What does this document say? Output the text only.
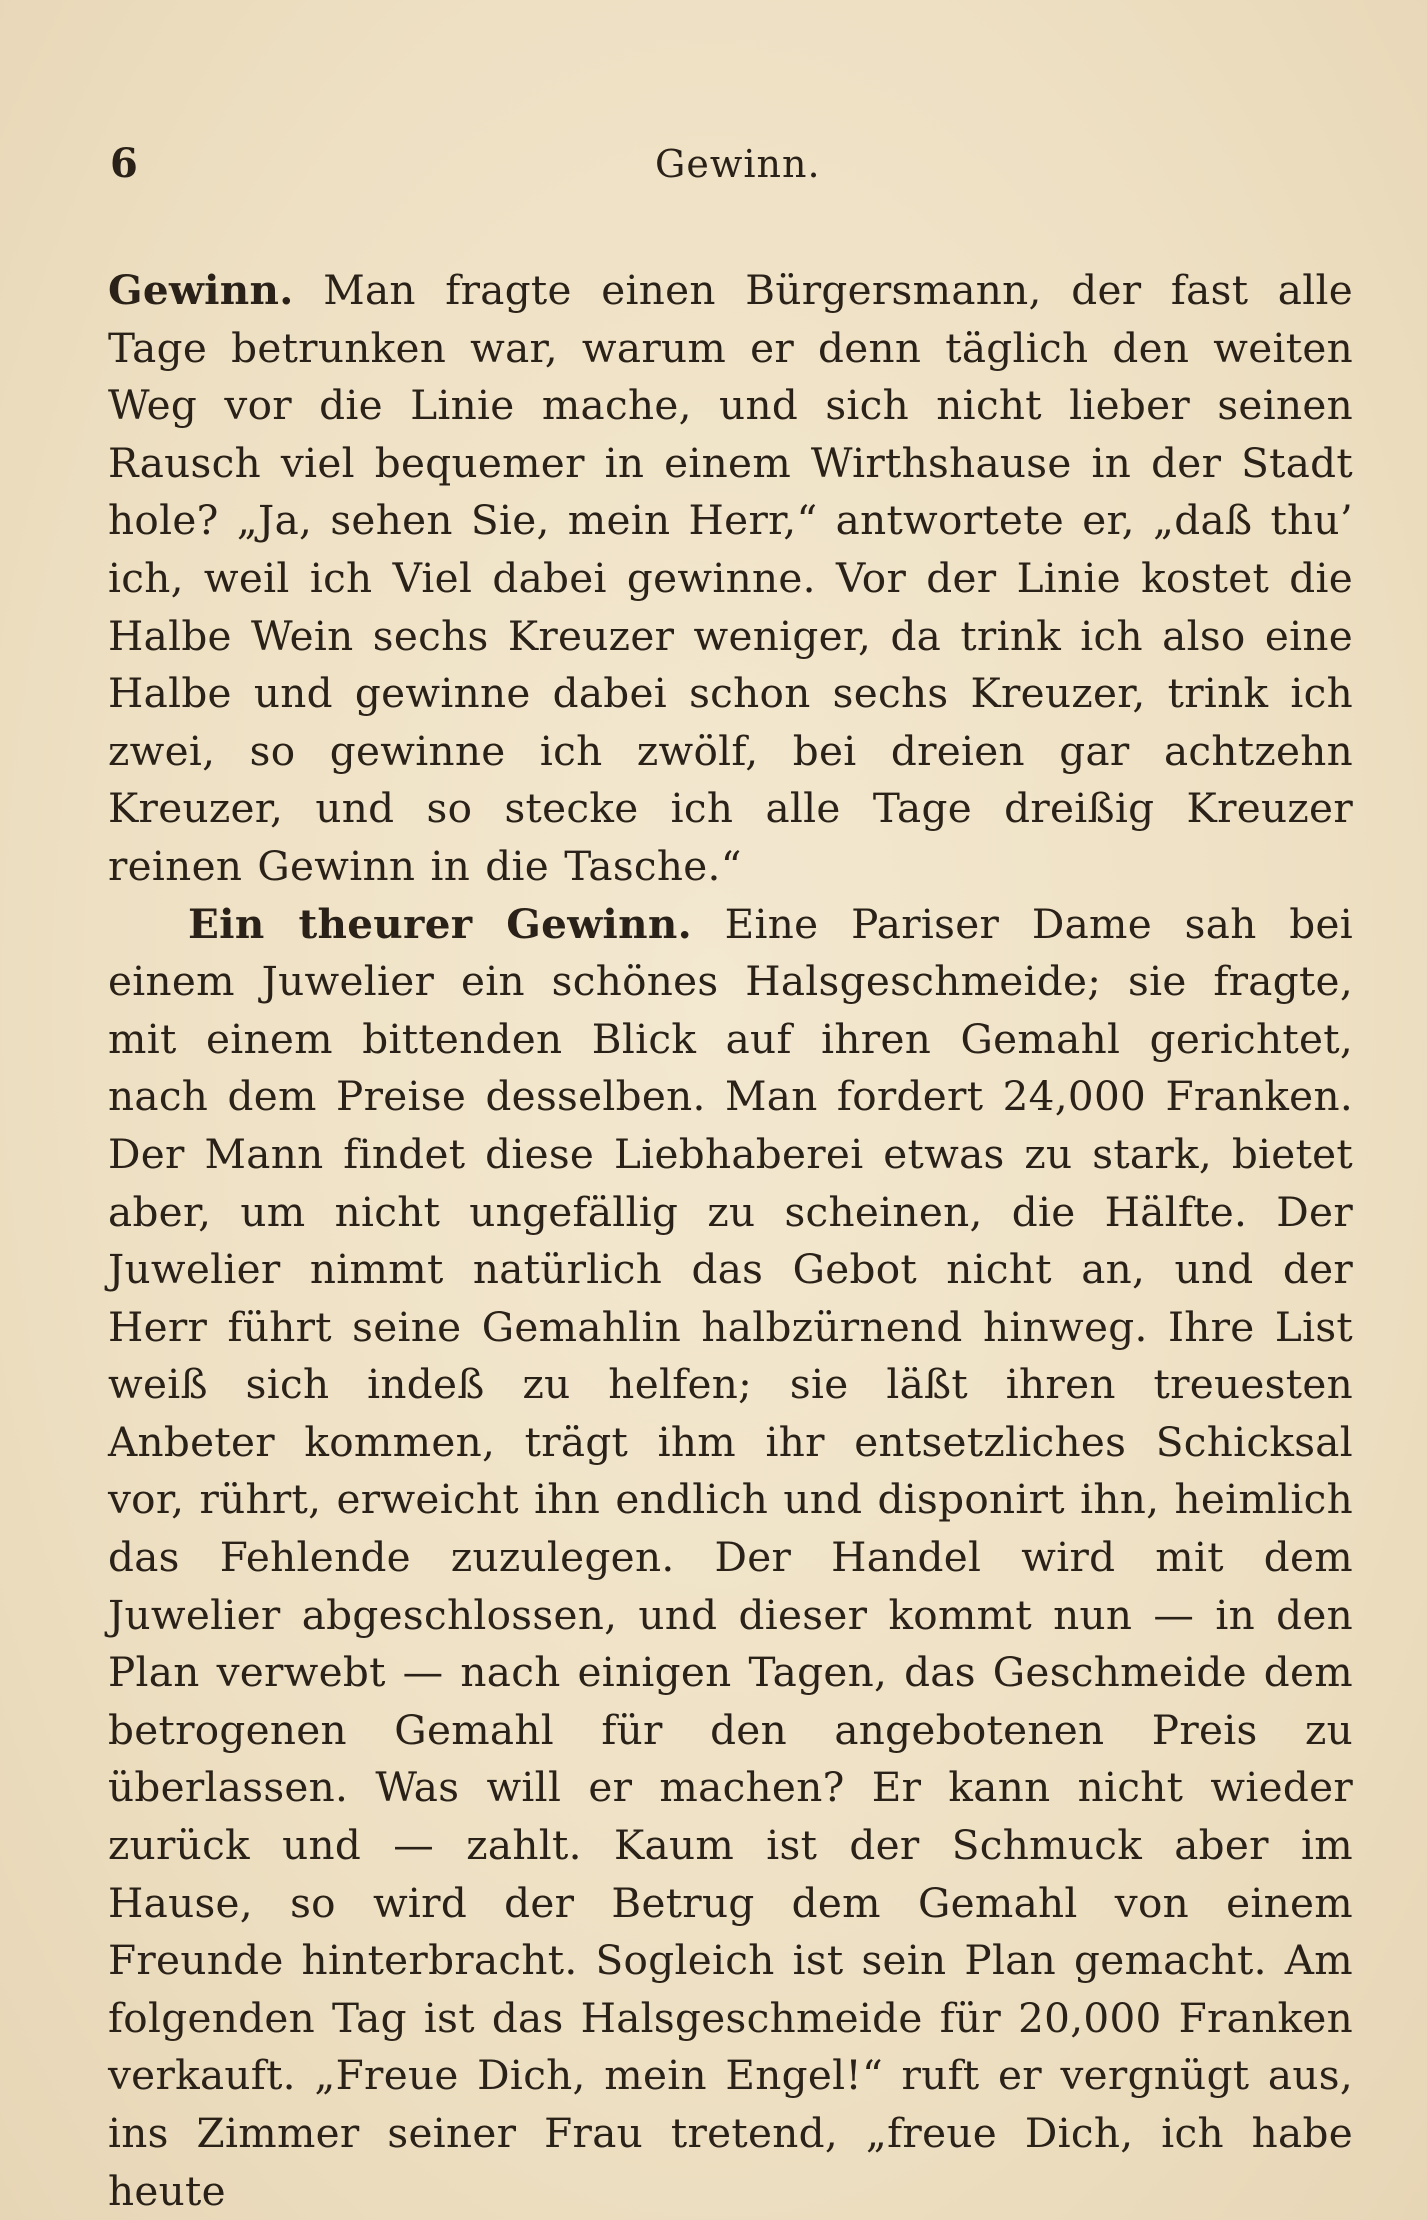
6	Gewinn.

Gewinn. Man fragte einen Bürgersmann, der fast alle Tage betrunken war, warum er denn täglich den weiten Weg vor die Linie mache, und sich nicht lieber seinen Rausch viel bequemer in einem Wirthshause in der Stadt hole? „Ja, sehen Sie, mein Herr,“ antwortete er, „daß thu’ ich, weil ich Viel dabei gewinne. Vor der Linie kostet die Halbe Wein sechs Kreuzer weniger, da trink ich also eine Halbe und gewinne dabei schon sechs Kreuzer, trink ich zwei, so gewinne ich zwölf, bei dreien gar achtzehn Kreuzer, und so stecke ich alle Tage dreißig Kreuzer reinen Gewinn in die Tasche.“

Ein theurer Gewinn. Eine Pariser Dame sah bei einem Juwelier ein schönes Halsgeschmeide; sie fragte, mit einem bittenden Blick auf ihren Gemahl gerichtet, nach dem Preise desselben. Man fordert 24,000 Franken. Der Mann findet diese Liebhaberei etwas zu stark, bietet aber, um nicht ungefällig zu scheinen, die Hälfte. Der Juwelier nimmt natürlich das Gebot nicht an, und der Herr führt seine Gemahlin halbzürnend hinweg. Ihre List weiß sich indeß zu helfen; sie läßt ihren treuesten Anbeter kommen, trägt ihm ihr entsetzliches Schicksal vor, rührt, erweicht ihn endlich und disponirt ihn, heimlich das Fehlende zuzulegen. Der Handel wird mit dem Juwelier abgeschlossen, und dieser kommt nun — in den Plan verwebt — nach einigen Tagen, das Geschmeide dem betrogenen Gemahl für den angebotenen Preis zu überlassen. Was will er machen? Er kann nicht wieder zurück und — zahlt. Kaum ist der Schmuck aber im Hause, so wird der Betrug dem Gemahl von einem Freunde hinterbracht. Sogleich ist sein Plan gemacht. Am folgenden Tag ist das Halsgeschmeide für 20,000 Franken verkauft. „Freue Dich, mein Engel!“ ruft er vergnügt aus, ins Zimmer seiner Frau tretend, „freue Dich, ich habe heute
